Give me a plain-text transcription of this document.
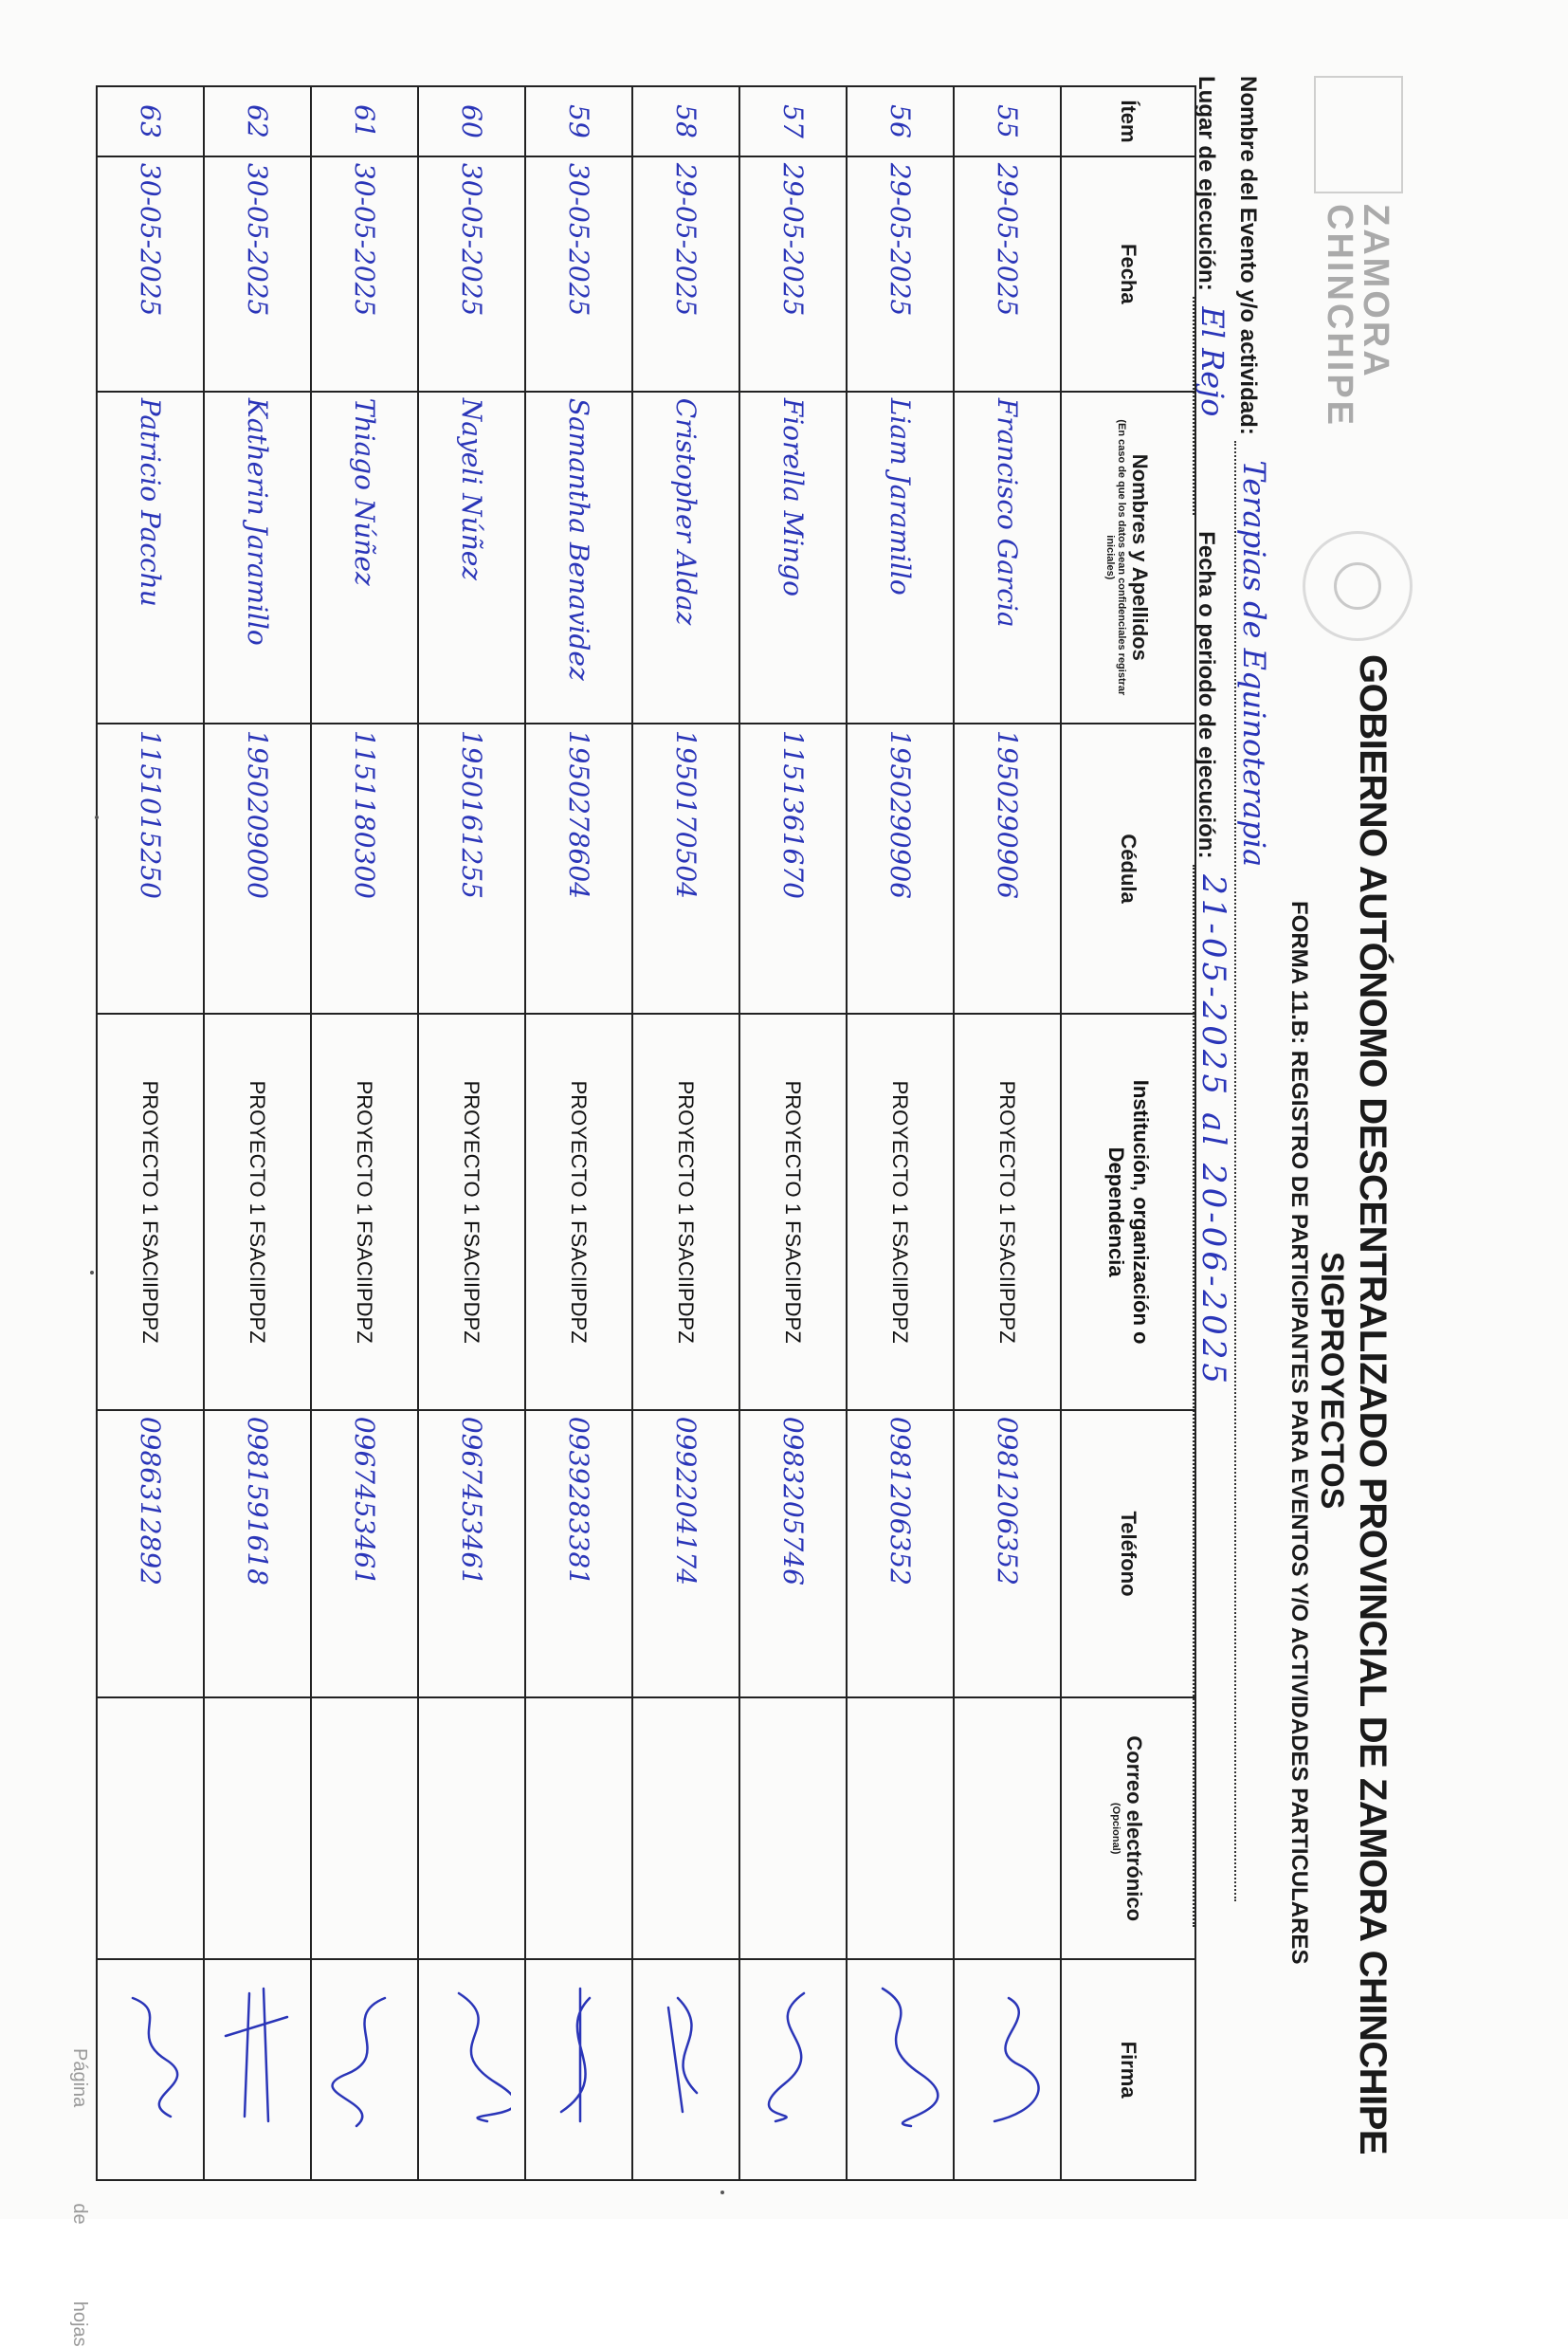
ZAMORA
CHINCHIPE
GOBIERNO AUTÓNOMO DESCENTRALIZADO PROVINCIAL DE ZAMORA CHINCHIPE
SIGPROYECTOS
FORMA 11.B: REGISTRO DE PARTICIPANTES PARA EVENTOS Y/O ACTIVIDADES PARTICULARES
Nombre del Evento y/o actividad: Terapias de Equinoterapia
Lugar de ejecución: El Rejo Fecha o periodo de ejecución: 21-05-2025 al 20-06-2025
Ítem	Fecha	Nombres y Apellidos
(En caso de que los datos sean confidenciales registrar iniciales)	Cédula	Institución, organización o Dependencia	Teléfono	Correo electrónico
(Opcional)	Firma
55	29-05-2025	Francisco Garcia	1950290906	PROYECTO 1 FSACIIPDPZ	0981206352		

56	29-05-2025	Liam Jaramillo	1950290906	PROYECTO 1 FSACIIPDPZ	0981206352		

57	29-05-2025	Fiorella Mingo	1151361670	PROYECTO 1 FSACIIPDPZ	0983205746		

58	29-05-2025	Cristopher Aldaz	1950170504	PROYECTO 1 FSACIIPDPZ	0992204174		

59	30-05-2025	Samantha Benavidez	1950278604	PROYECTO 1 FSACIIPDPZ	0939283381		

60	30-05-2025	Nayeli Núñez	1950161255	PROYECTO 1 FSACIIPDPZ	0967453461		

61	30-05-2025	Thiago Núñez	1151180300	PROYECTO 1 FSACIIPDPZ	0967453461		

62	30-05-2025	Katherin Jaramillo	1950209000	PROYECTO 1 FSACIIPDPZ	0981591618		

63	30-05-2025	Patricio Pacchu	1151015250	PROYECTO 1 FSACIIPDPZ	0986312892		
Página  de  hojas
